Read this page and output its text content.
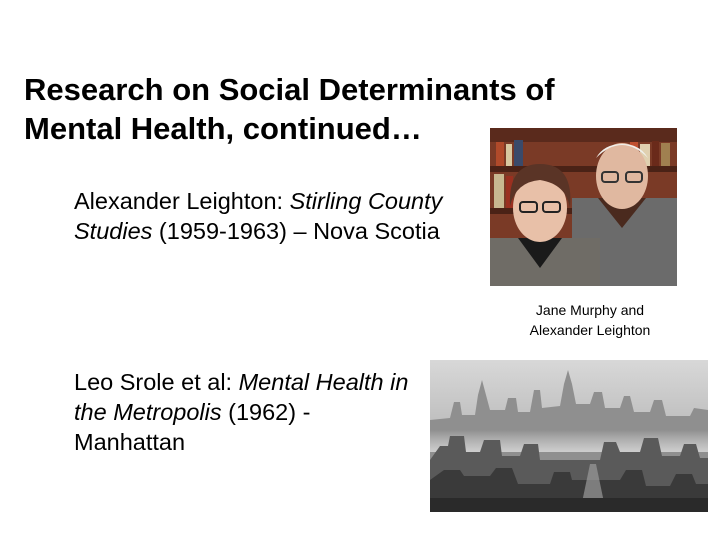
Research on Social Determinants of
Mental Health, continued…
Alexander Leighton: Stirling County Studies (1959-1963) – Nova Scotia
Jane Murphy and
Alexander Leighton
Leo Srole et al: Mental Health in the Metropolis (1962) - Manhattan
